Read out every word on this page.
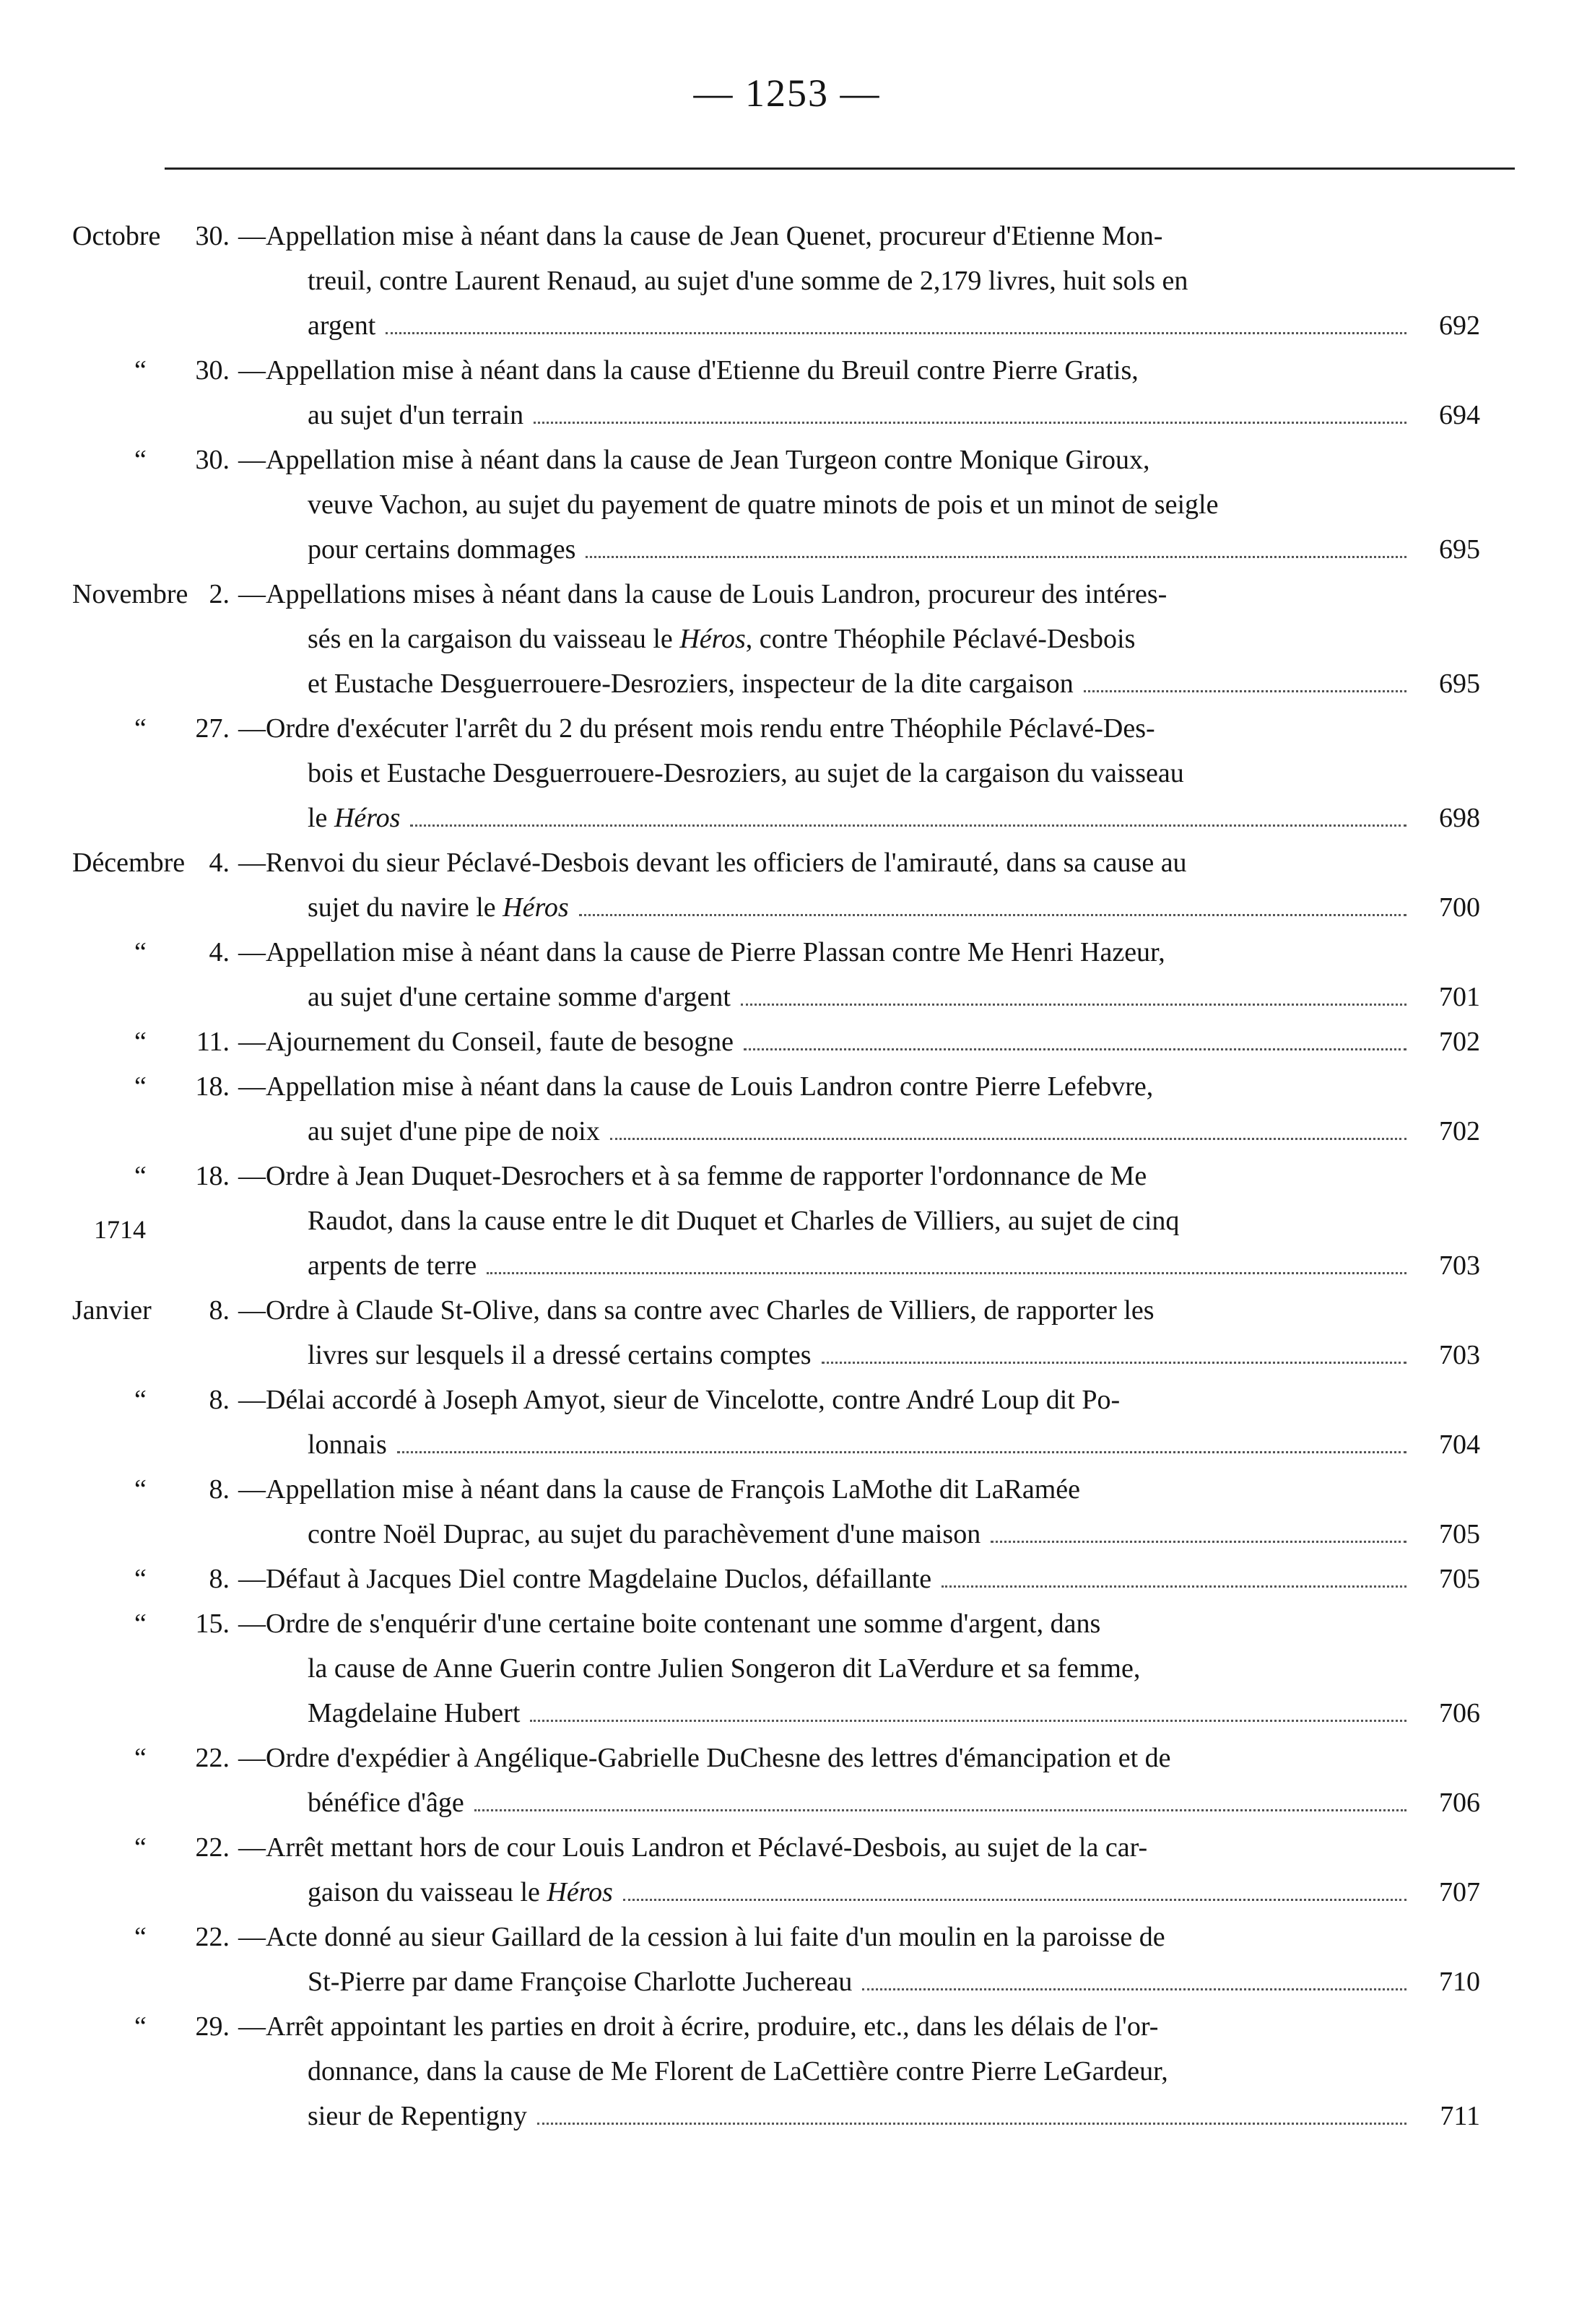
— 1253 —
1714
Octobre	30. —Appellation mise à néant dans la cause de Jean Quenet, procureur d'Etienne Mon-
treuil, contre Laurent Renaud, au sujet d'une somme de 2,179 livres, huit sols en
argent	692
“ 30. —Appellation mise à néant dans la cause d'Etienne du Breuil contre Pierre Gratis,
au sujet d'un terrain	694
“ 30. —Appellation mise à néant dans la cause de Jean Turgeon contre Monique Giroux,
veuve Vachon, au sujet du payement de quatre minots de pois et un minot de seigle
pour certains dommages	695
Novembre 2. —Appellations mises à néant dans la cause de Louis Landron, procureur des intéres-
sés en la cargaison du vaisseau le Héros, contre Théophile Péclavé-Desbois
et Eustache Desguerrouere-Desroziers, inspecteur de la dite cargaison	695
“ 27. —Ordre d'exécuter l'arrêt du 2 du présent mois rendu entre Théophile Péclavé-Des-
bois et Eustache Desguerrouere-Desroziers, au sujet de la cargaison du vaisseau
le Héros	698
Décembre 4. —Renvoi du sieur Péclavé-Desbois devant les officiers de l'amirauté, dans sa cause au
sujet du navire le Héros	700
“ 4. —Appellation mise à néant dans la cause de Pierre Plassan contre Me Henri Hazeur,
au sujet d'une certaine somme d'argent	701
“ 11. —Ajournement du Conseil, faute de besogne	702
“ 18. —Appellation mise à néant dans la cause de Louis Landron contre Pierre Lefebvre,
au sujet d'une pipe de noix	702
“ 18. —Ordre à Jean Duquet-Desrochers et à sa femme de rapporter l'ordonnance de Me
Raudot, dans la cause entre le dit Duquet et Charles de Villiers, au sujet de cinq
arpents de terre	703
Janvier	8. —Ordre à Claude St-Olive, dans sa contre avec Charles de Villiers, de rapporter les
livres sur lesquels il a dressé certains comptes	703
“ 8. —Délai accordé à Joseph Amyot, sieur de Vincelotte, contre André Loup dit Po-
lonnais	704
“ 8. —Appellation mise à néant dans la cause de François LaMothe dit LaRamée
contre Noël Duprac, au sujet du parachèvement d'une maison	705
“ 8. —Défaut à Jacques Diel contre Magdelaine Duclos, défaillante	705
“ 15. —Ordre de s'enquérir d'une certaine boite contenant une somme d'argent, dans
la cause de Anne Guerin contre Julien Songeron dit LaVerdure et sa femme,
Magdelaine Hubert	706
“ 22. —Ordre d'expédier à Angélique-Gabrielle DuChesne des lettres d'émancipation et de
bénéfice d'âge	706
“ 22. —Arrêt mettant hors de cour Louis Landron et Péclavé-Desbois, au sujet de la car-
gaison du vaisseau le Héros	707
“ 22. —Acte donné au sieur Gaillard de la cession à lui faite d'un moulin en la paroisse de
St-Pierre par dame Françoise Charlotte Juchereau	710
“ 29. —Arrêt appointant les parties en droit à écrire, produire, etc., dans les délais de l'or-
donnance, dans la cause de Me Florent de LaCettière contre Pierre LeGardeur,
sieur de Repentigny	711
